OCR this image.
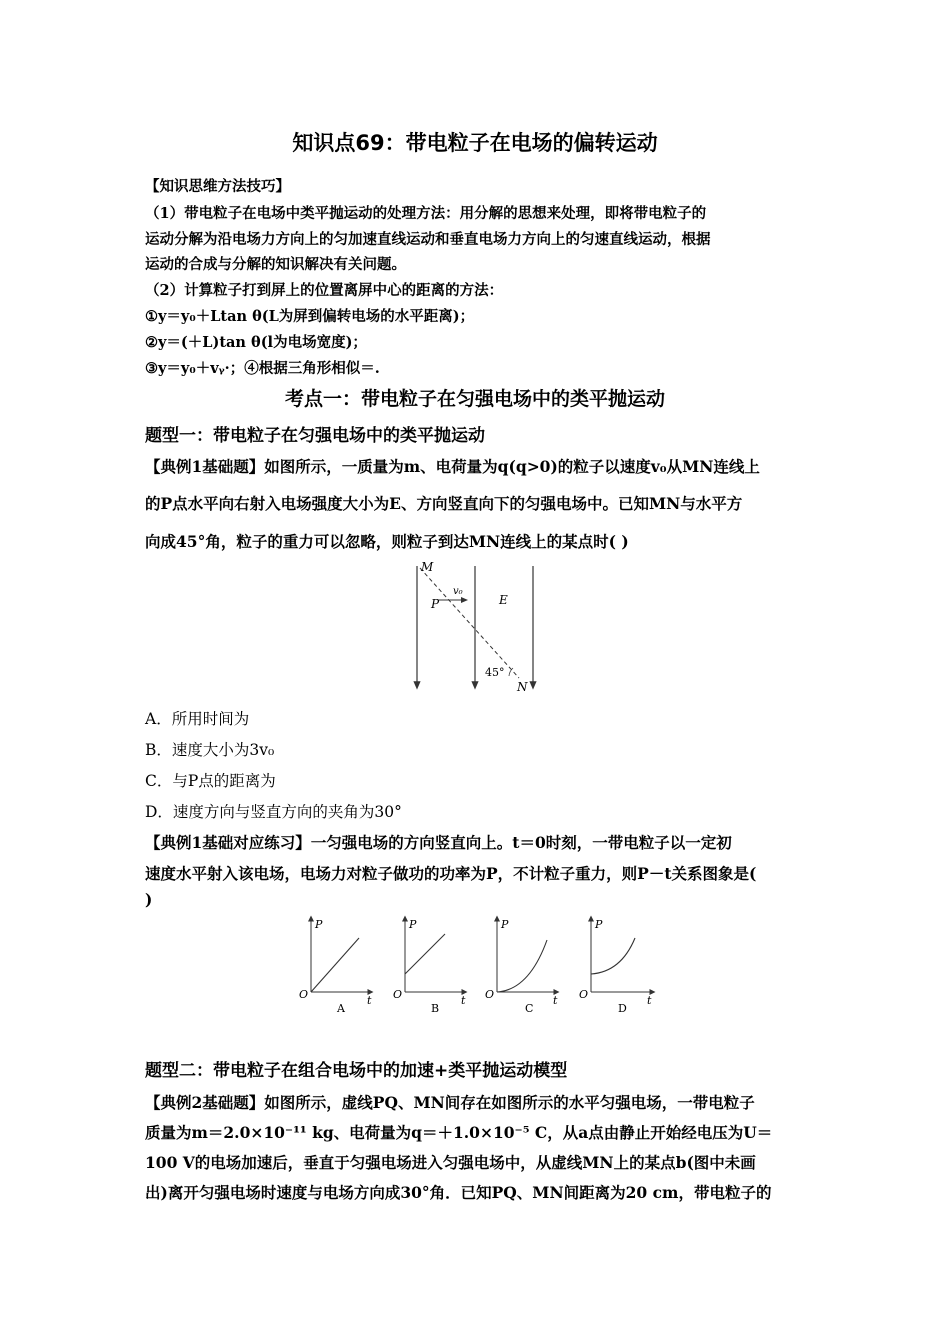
知识点69：带电粒子在电场的偏转运动
【知识思维方法技巧】
（1）带电粒子在电场中类平抛运动的处理方法：用分解的思想来处理，即将带电粒子的
运动分解为沿电场力方向上的匀加速直线运动和垂直电场力方向上的匀速直线运动，根据
运动的合成与分解的知识解决有关问题。
（2）计算粒子打到屏上的位置离屏中心的距离的方法：
①y＝y₀＋Ltan θ(L为屏到偏转电场的水平距离)；
②y＝(＋L)tan θ(l为电场宽度)；
③y＝y₀＋vᵧ·；④根据三角形相似＝.
考点一：带电粒子在匀强电场中的类平抛运动
题型一：带电粒子在匀强电场中的类平抛运动
【典例1基础题】如图所示，一质量为m、电荷量为q(q>0)的粒子以速度v₀从MN连线上
的P点水平向右射入电场强度大小为E、方向竖直向下的匀强电场中。已知MN与水平方
向成45°角，粒子的重力可以忽略，则粒子到达MN连线上的某点时( )
M
P
v₀
E
45°
N
A．所用时间为
B．速度大小为3v₀
C．与P点的距离为
D．速度方向与竖直方向的夹角为30°
【典例1基础对应练习】一匀强电场的方向竖直向上。t＝0时刻，一带电粒子以一定初
速度水平射入该电场，电场力对粒子做功的功率为P，不计粒子重力，则P－t关系图象是(
)
P
t
O
A
P
t
O
B
P
t
O
C
P
t
O
D
题型二：带电粒子在组合电场中的加速+类平抛运动模型
【典例2基础题】如图所示，虚线PQ、MN间存在如图所示的水平匀强电场，一带电粒子
质量为m＝2.0×10⁻¹¹ kg、电荷量为q＝＋1.0×10⁻⁵ C，从a点由静止开始经电压为U＝
100 V的电场加速后，垂直于匀强电场进入匀强电场中，从虚线MN上的某点b(图中未画
出)离开匀强电场时速度与电场方向成30°角．已知PQ、MN间距离为20 cm，带电粒子的
